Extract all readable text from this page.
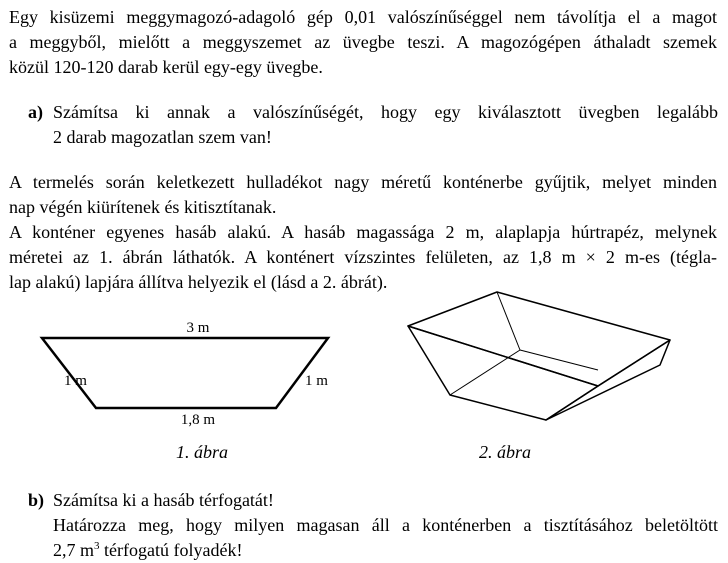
Egy kisüzemi meggymagozó-adagoló gép 0,01 valószínűséggel nem távolítja el a magot
a meggyből, mielőtt a meggyszemet az üvegbe teszi. A magozógépen áthaladt szemek
közül 120-120 darab kerül egy-egy üvegbe.
a) Számítsa ki annak a valószínűségét, hogy egy kiválasztott üvegben legalább
2 darab magozatlan szem van!
A termelés során keletkezett hulladékot nagy méretű konténerbe gyűjtik, melyet minden
nap végén kiürítenek és kitisztítanak.
A konténer egyenes hasáb alakú. A hasáb magassága 2 m, alaplapja húrtrapéz, melynek
méretei az 1. ábrán láthatók. A konténert vízszintes felületen, az 1,8 m × 2 m-es (tégla-
lap alakú) lapjára állítva helyezik el (lásd a 2. ábrát).
3 m
1 m	1 m
1,8 m
1. ábra	2. ábra
b) Számítsa ki a hasáb térfogatát!
Határozza meg, hogy milyen magasan áll a konténerben a tisztításához beletöltött
2,7 $m^3$ térfogatú folyadék!
